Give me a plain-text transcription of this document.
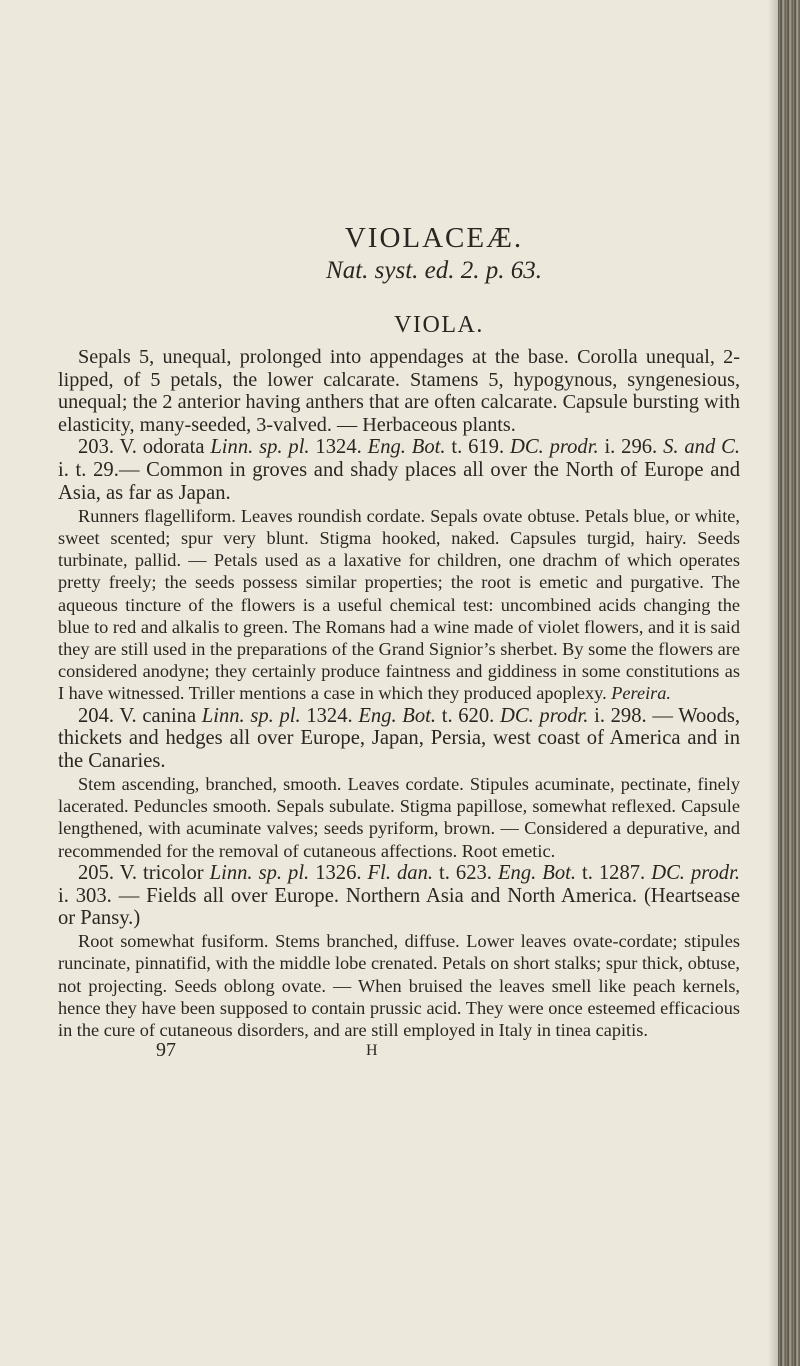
VIOLACEÆ.
Nat. syst. ed. 2. p. 63.
VIOLA.

Sepals 5, unequal, prolonged into appendages at the base. Corolla unequal, 2-lipped, of 5 petals, the lower calcarate. Stamens 5, hypogynous, syngenesious, unequal; the 2 anterior having anthers that are often calcarate. Capsule bursting with elasticity, many-seeded, 3-valved. — Herbaceous plants.

203. V. odorata Linn. sp. pl. 1324. Eng. Bot. t. 619. DC. prodr. i. 296. S. and C. i. t. 29.— Common in groves and shady places all over the North of Europe and Asia, as far as Japan.

Runners flagelliform. Leaves roundish cordate. Sepals ovate obtuse. Petals blue, or white, sweet scented; spur very blunt. Stigma hooked, naked. Capsules turgid, hairy. Seeds turbinate, pallid. — Petals used as a laxative for children, one drachm of which operates pretty freely; the seeds possess similar properties; the root is emetic and purgative. The aqueous tincture of the flowers is a useful chemical test: uncombined acids changing the blue to red and alkalis to green. The Romans had a wine made of violet flowers, and it is said they are still used in the preparations of the Grand Signior’s sherbet. By some the flowers are considered anodyne; they certainly produce faintness and giddiness in some constitutions as I have witnessed. Triller mentions a case in which they produced apoplexy. Pereira.

204. V. canina Linn. sp. pl. 1324. Eng. Bot. t. 620. DC. prodr. i. 298. — Woods, thickets and hedges all over Europe, Japan, Persia, west coast of America and in the Canaries.

Stem ascending, branched, smooth. Leaves cordate. Stipules acuminate, pectinate, finely lacerated. Peduncles smooth. Sepals subulate. Stigma papillose, somewhat reflexed. Capsule lengthened, with acuminate valves; seeds pyriform, brown. — Considered a depurative, and recommended for the removal of cutaneous affections. Root emetic.

205. V. tricolor Linn. sp. pl. 1326. Fl. dan. t. 623. Eng. Bot. t. 1287. DC. prodr. i. 303. — Fields all over Europe. Northern Asia and North America. (Heartsease or Pansy.)

Root somewhat fusiform. Stems branched, diffuse. Lower leaves ovate-cordate; stipules runcinate, pinnatifid, with the middle lobe crenated. Petals on short stalks; spur thick, obtuse, not projecting. Seeds oblong ovate. — When bruised the leaves smell like peach kernels, hence they have been supposed to contain prussic acid. They were once esteemed efficacious in the cure of cutaneous disorders, and are still employed in Italy in tinea capitis.

97	H
